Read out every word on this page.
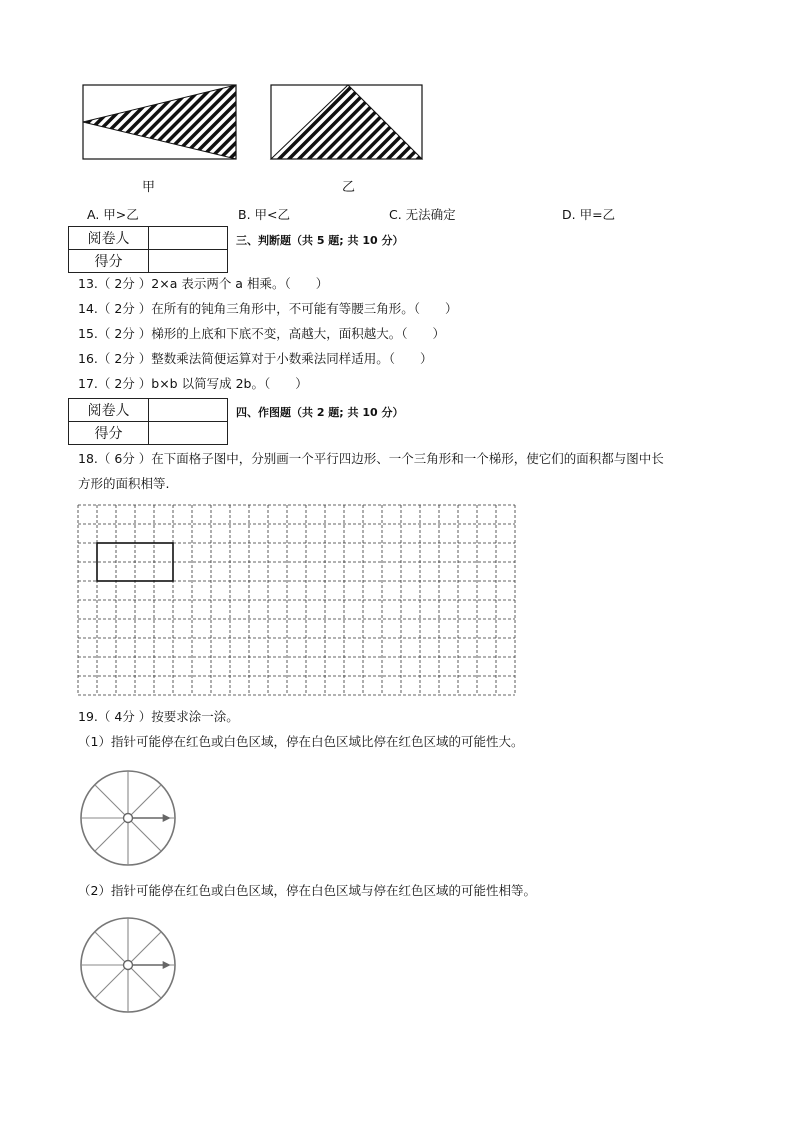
甲	乙
A. 甲>乙	B. 甲<乙	C. 无法确定	D. 甲=乙
阅卷人	
得分	
三、判断题（共 5 题; 共 10 分）
13.（ 2分 ）2×a 表示两个 a 相乘。（　　）
14.（ 2分 ）在所有的钝角三角形中，不可能有等腰三角形。（　　）
15.（ 2分 ）梯形的上底和下底不变，高越大，面积越大。（　　）
16.（ 2分 ）整数乘法简便运算对于小数乘法同样适用。（　　）
17.（ 2分 ）b×b 以简写成 2b。（　　）
阅卷人	
得分	
四、作图题（共 2 题; 共 10 分）
18.（ 6分 ）在下面格子图中，分别画一个平行四边形、一个三角形和一个梯形，使它们的面积都与图中长
方形的面积相等.
19.（ 4分 ）按要求涂一涂。
（1）指针可能停在红色或白色区域，停在白色区域比停在红色区域的可能性大。
（2）指针可能停在红色或白色区域，停在白色区域与停在红色区域的可能性相等。
